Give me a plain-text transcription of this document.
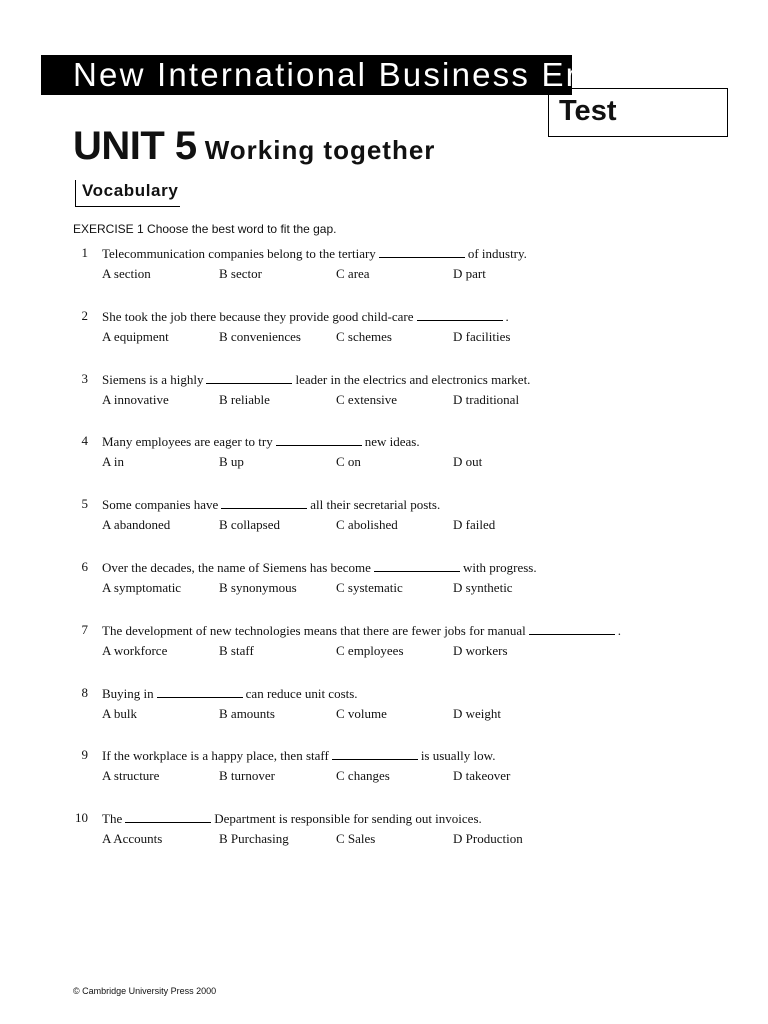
New International Business English
Test
UNIT 5 Working together
Vocabulary
EXERCISE 1 Choose the best word to fit the gap.
1 Telecommunication companies belong to the tertiary	of industry.
A section	B sector	C area	D part
2 She took the job there because they provide good child-care	.
A equipment	B conveniences	C schemes	D facilities
3 Siemens is a highly	leader in the electrics and electronics market.
A innovative	B reliable	C extensive	D traditional
4 Many employees are eager to try	new ideas.
A in	B up	C on	D out
5 Some companies have	all their secretarial posts.
A abandoned	B collapsed	C abolished	D failed
6 Over the decades, the name of Siemens has become	with progress.
A symptomatic	B synonymous	C systematic	D synthetic
7 The development of new technologies means that there are fewer jobs for manual	.
A workforce	B staff	C employees	D workers
8 Buying in	can reduce unit costs.
A bulk	B amounts	C volume	D weight
9 If the workplace is a happy place, then staff	is usually low.
A structure	B turnover	C changes	D takeover
10 The	Department is responsible for sending out invoices.
A Accounts	B Purchasing	C Sales	D Production
© Cambridge University Press 2000
